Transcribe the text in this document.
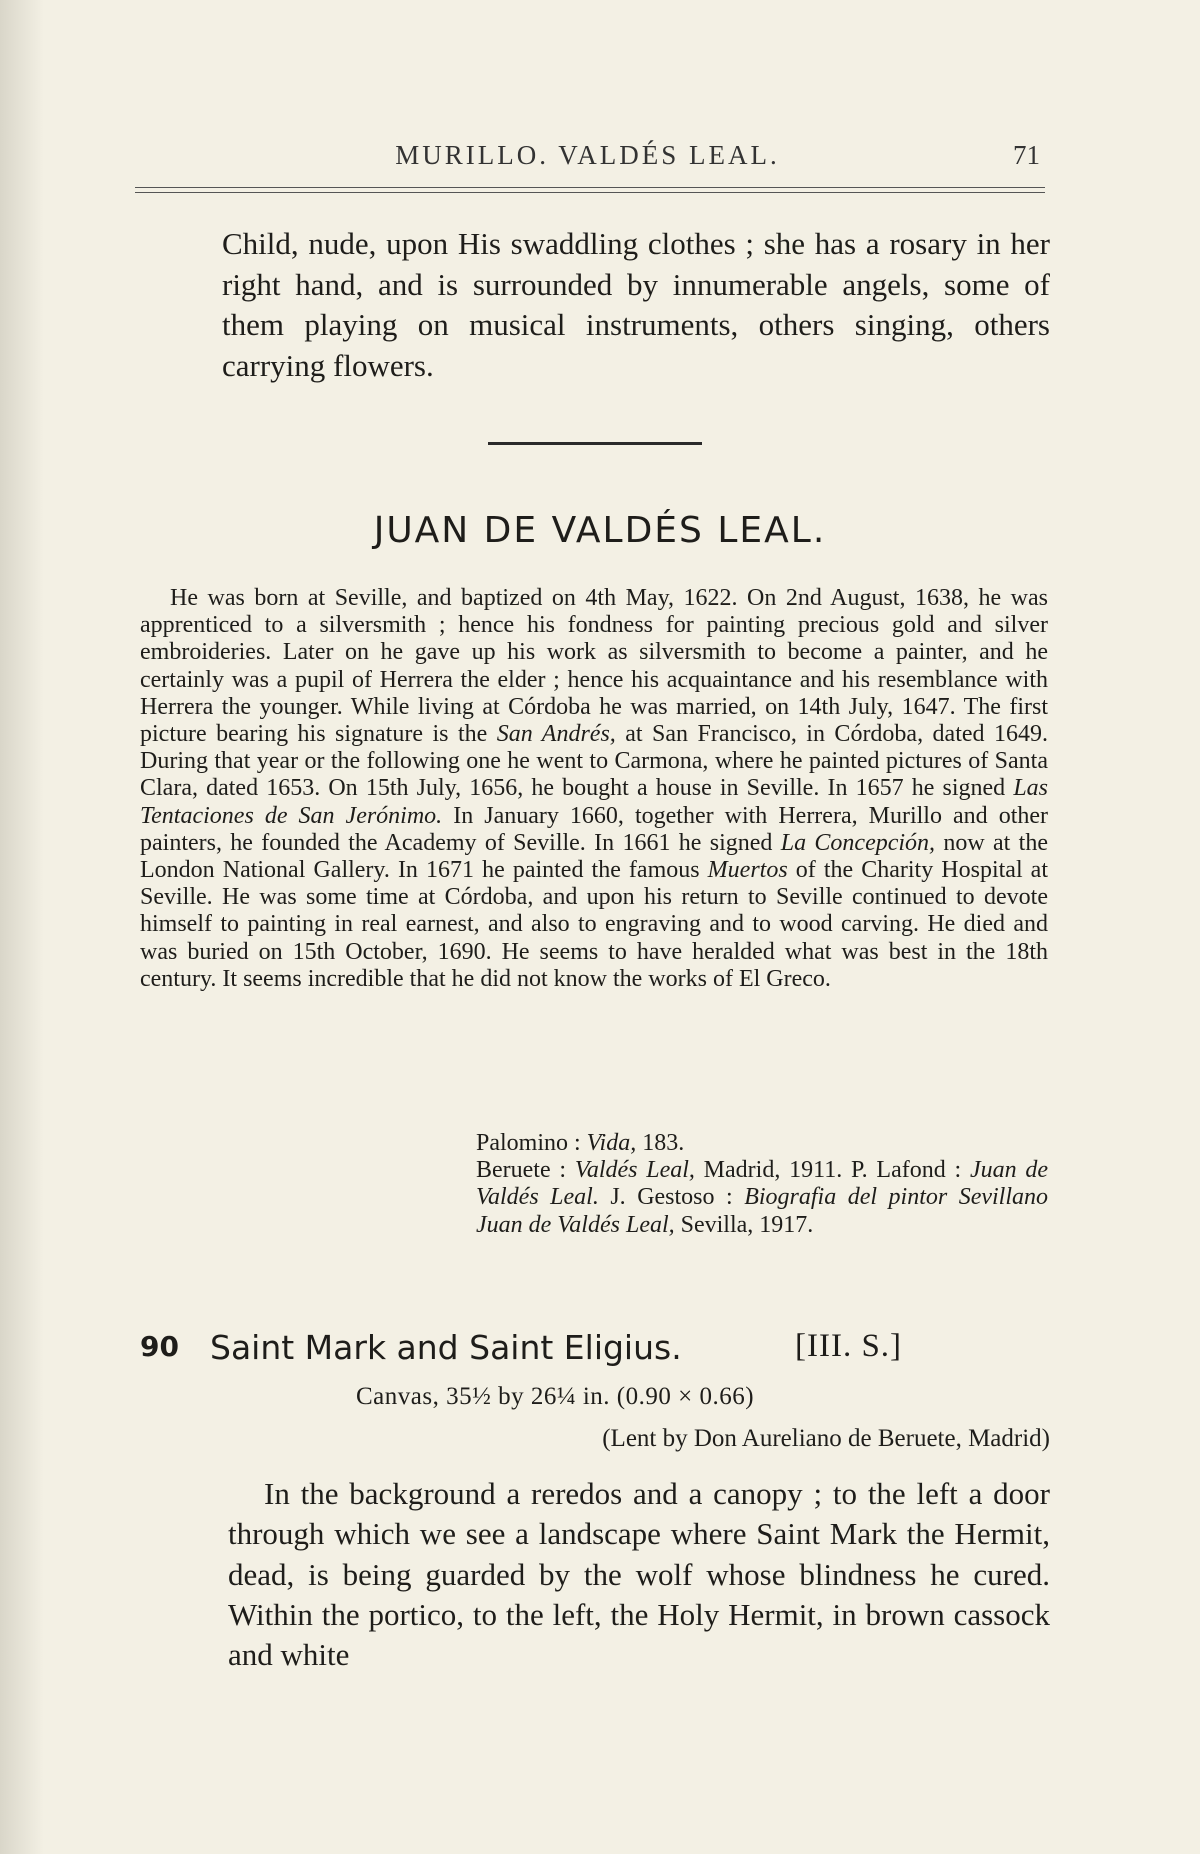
MURILLO. VALDÉS LEAL.	71

Child, nude, upon His swaddling clothes ; she has a rosary in her right hand, and is surrounded by innumerable angels, some of them playing on musical instruments, others singing, others carrying flowers.

JUAN DE VALDÉS LEAL.

He was born at Seville, and baptized on 4th May, 1622. On 2nd August, 1638, he was apprenticed to a silversmith ; hence his fondness for painting precious gold and silver embroideries. Later on he gave up his work as silversmith to become a painter, and he certainly was a pupil of Herrera the elder ; hence his acquaintance and his resemblance with Herrera the younger. While living at Córdoba he was married, on 14th July, 1647. The first picture bearing his signature is the San Andrés, at San Francisco, in Córdoba, dated 1649. During that year or the following one he went to Carmona, where he painted pictures of Santa Clara, dated 1653. On 15th July, 1656, he bought a house in Seville. In 1657 he signed Las Tentaciones de San Jerónimo. In January 1660, together with Herrera, Murillo and other painters, he founded the Academy of Seville. In 1661 he signed La Concepción, now at the London National Gallery. In 1671 he painted the famous Muertos of the Charity Hospital at Seville. He was some time at Córdoba, and upon his return to Seville continued to devote himself to painting in real earnest, and also to engraving and to wood carving. He died and was buried on 15th October, 1690. He seems to have heralded what was best in the 18th century. It seems incredible that he did not know the works of El Greco.

Palomino : Vida, 183.

Beruete : Valdés Leal, Madrid, 1911. P. Lafond : Juan de Valdés Leal. J. Gestoso : Biografia del pintor Sevillano Juan de Valdés Leal, Sevilla, 1917.

90 Saint Mark and Saint Eligius.	[III. S.]

Canvas, 35½ by 26¼ in. (0.90 × 0.66)

(Lent by Don Aureliano de Beruete, Madrid)

In the background a reredos and a canopy ; to the left a door through which we see a landscape where Saint Mark the Hermit, dead, is being guarded by the wolf whose blindness he cured. Within the portico, to the left, the Holy Hermit, in brown cassock and white
